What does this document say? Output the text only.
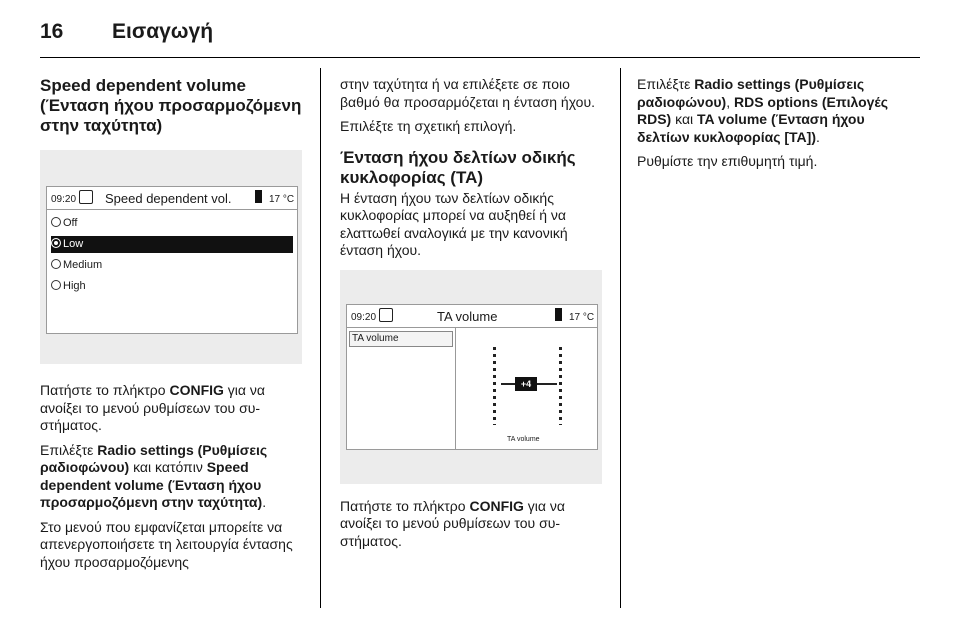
16 Εισαγωγή
Speed dependent volume (Ένταση ήχου προσαρμοζόμενη στην ταχύτητα)
09:20 Speed dependent vol.	17 °C
Off
Low
Medium
High

Πατήστε το πλήκτρο CONFIG για να ανοίξει το μενού ρυθμίσεων του συ-στήματος.

Επιλέξτε Radio settings (Ρυθμίσεις ραδιοφώνου) και κατόπιν Speed dependent volume (Ένταση ήχου προσαρμοζόμενη στην ταχύτητα).

Στο μενού που εμφανίζεται μπορείτε να απενεργοποιήσετε τη λειτουργία έντασης ήχου προσαρμοζόμενης

στην ταχύτητα ή να επιλέξετε σε ποιο βαθμό θα προσαρμόζεται η ένταση ήχου.

Επιλέξτε τη σχετική επιλογή.

Ένταση ήχου δελτίων οδικής κυκλοφορίας (TA)

Η ένταση ήχου των δελτίων οδικής κυκλοφορίας μπορεί να αυξηθεί ή να ελαττωθεί αναλογικά με την κανονική ένταση ήχου.

09:20	TA volume	17 °C
TA volume
+4
TA volume

Πατήστε το πλήκτρο CONFIG για να ανοίξει το μενού ρυθμίσεων του συ-στήματος.

Επιλέξτε Radio settings (Ρυθμίσεις ραδιοφώνου), RDS options (Επιλογές RDS) και TA volume (Ένταση ήχου δελτίων κυκλοφορίας [TA]).

Ρυθμίστε την επιθυμητή τιμή.
